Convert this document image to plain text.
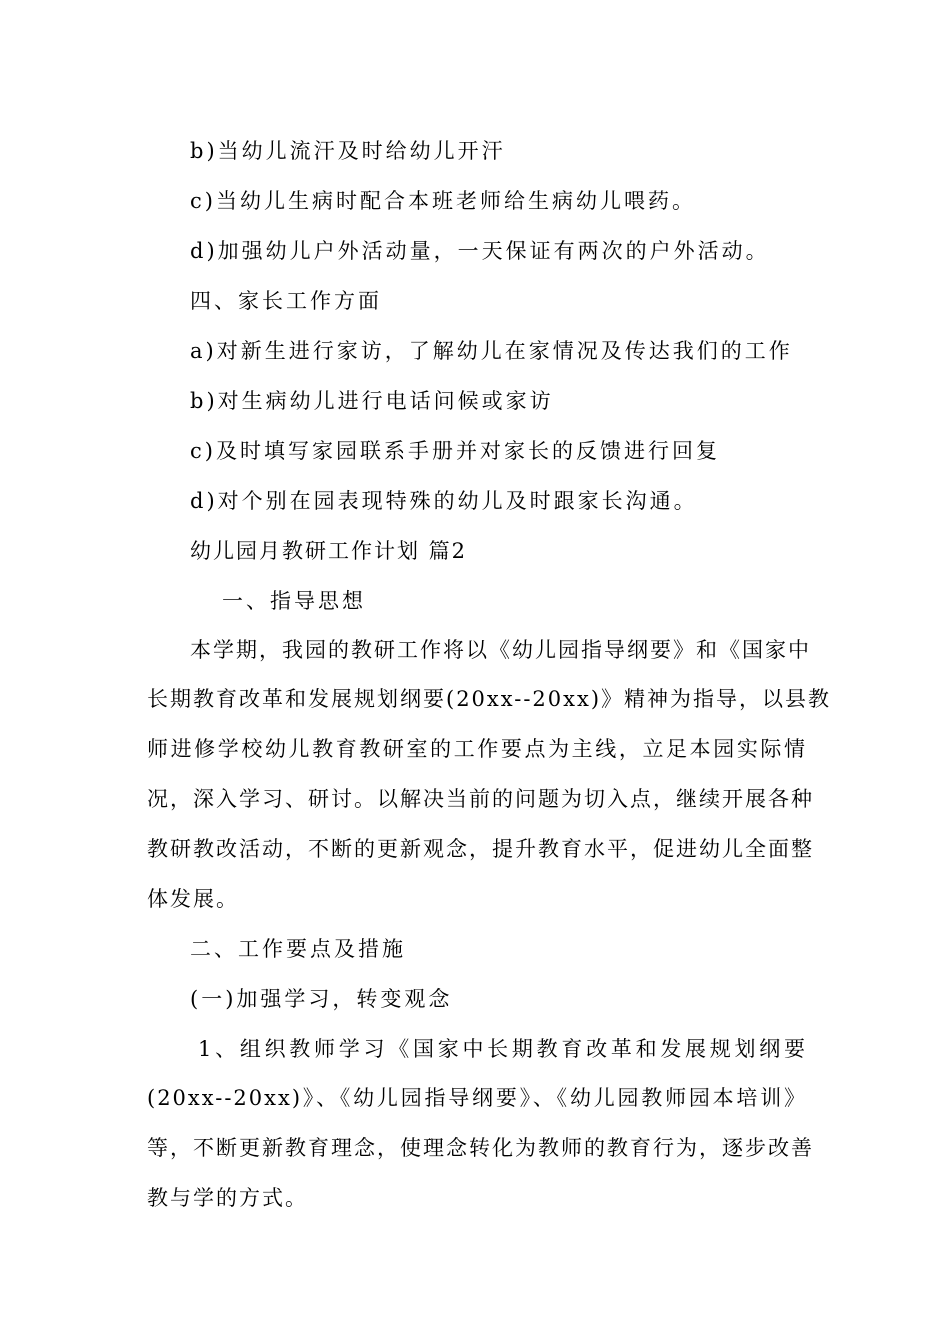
b)当幼儿流汗及时给幼儿开汗
c)当幼儿生病时配合本班老师给生病幼儿喂药。
d)加强幼儿户外活动量，一天保证有两次的户外活动。
四、家长工作方面
a)对新生进行家访，了解幼儿在家情况及传达我们的工作
b)对生病幼儿进行电话问候或家访
c)及时填写家园联系手册并对家长的反馈进行回复
d)对个别在园表现特殊的幼儿及时跟家长沟通。
幼儿园月教研工作计划 篇2
一、指导思想
本学期，我园的教研工作将以《幼儿园指导纲要》和《国家中
长期教育改革和发展规划纲要(20xx--20xx)》精神为指导，以县教
师进修学校幼儿教育教研室的工作要点为主线，立足本园实际情
况，深入学习、研讨。以解决当前的问题为切入点，继续开展各种
教研教改活动，不断的更新观念，提升教育水平，促进幼儿全面整
体发展。
二、工作要点及措施
(一)加强学习，转变观念
1、组织教师学习《国家中长期教育改革和发展规划纲要
(20xx--20xx)》、《幼儿园指导纲要》、《幼儿园教师园本培训》
等，不断更新教育理念，使理念转化为教师的教育行为，逐步改善
教与学的方式。
